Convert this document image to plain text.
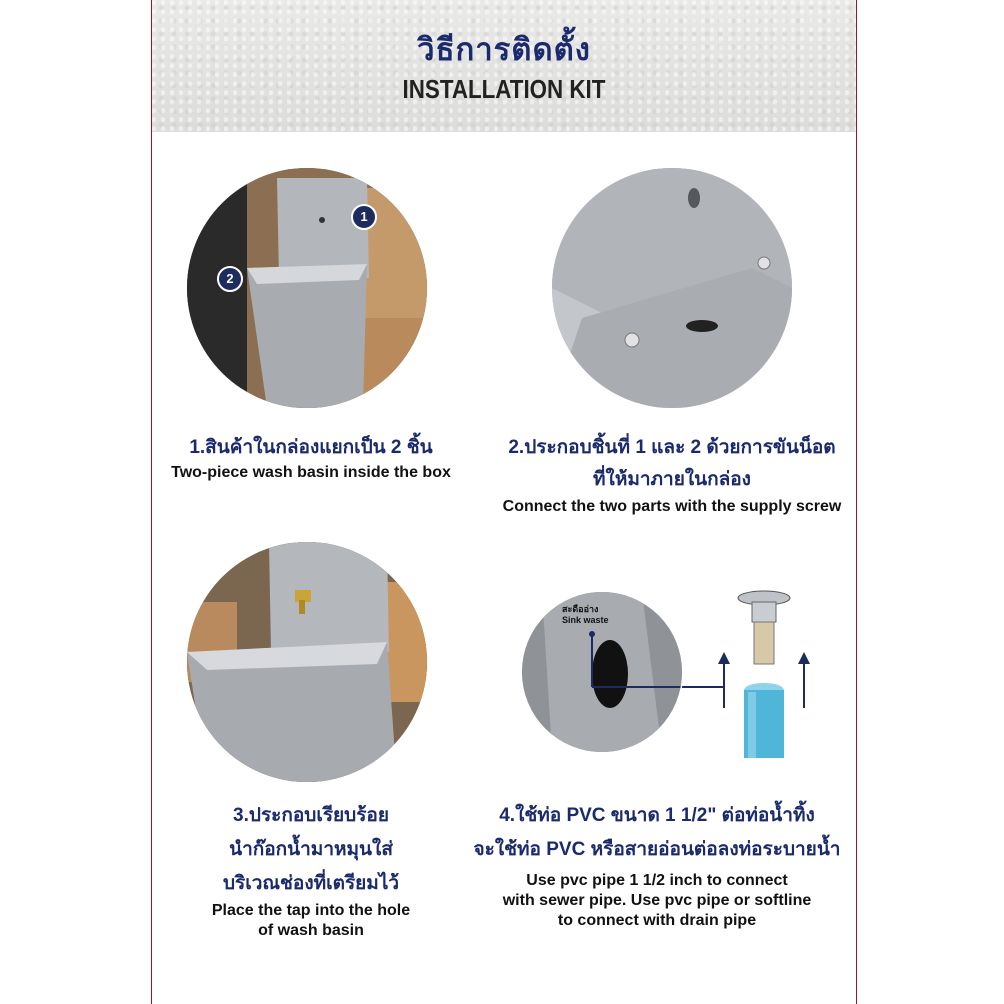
วิธีการติดตั้ง
INSTALLATION KIT
1
2
1.สินค้าในกล่องแยกเป็น 2 ชิ้น
Two-piece wash basin inside the box
2.ประกอบชิ้นที่ 1 และ 2 ด้วยการขันน็อต
ที่ให้มาภายในกล่อง
Connect the two parts with the supply screw
3.ประกอบเรียบร้อย
นำก๊อกน้ำมาหมุนใส่
บริเวณช่องที่เตรียมไว้
Place the tap into the hole
of wash basin
สะดืออ่าง
Sink waste
4.ใช้ท่อ PVC ขนาด 1 1/2" ต่อท่อน้ำทิ้ง
จะใช้ท่อ PVC หรือสายอ่อนต่อลงท่อระบายน้ำ
Use pvc pipe 1 1/2 inch to connect
with sewer pipe. Use pvc pipe or softline
to connect with drain pipe
